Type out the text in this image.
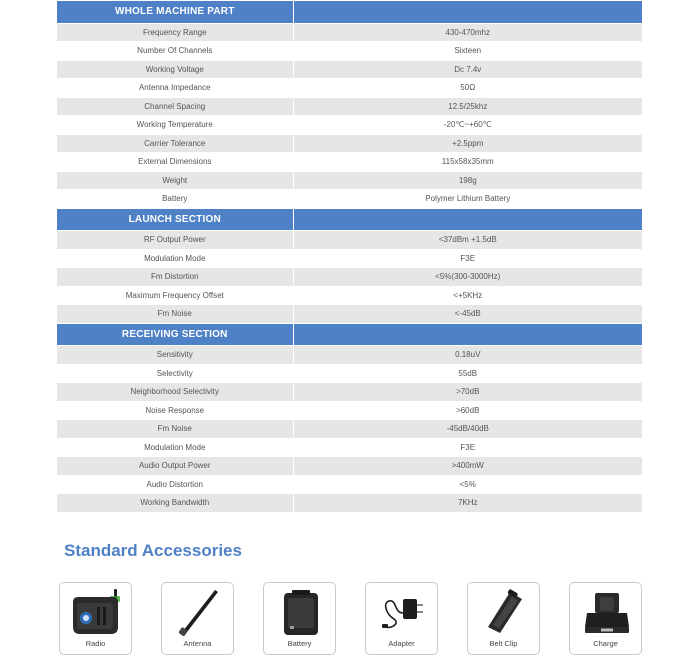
WHOLE MACHINE PART	
Frequency Range	430-470mhz
Number Of Channels	Sixteen
Working Voltage	Dc 7.4v
Antenna Impedance	50Ω
Channel Spacing	12.5/25khz
Working Temperature	-20℃~+60℃
Carrier Tolerance	+2.5ppm
External Dimensions	115x58x35mm
Weight	198g
Battery	Polymer Lithium Battery
LAUNCH SECTION	
RF Output Power	<37dBm +1.5dB
Modulation Mode	F3E
Fm Distortion	<5%(300-3000Hz)
Maximum Frequency Offset	<+5KHz
Fm Noise	<-45dB
RECEIVING SECTION	
Sensitivity	0.18uV
Selectivity	55dB
Neighborhood Selectivity	>70dB
Noise Response	>60dB
Fm Noise	-45dB/40dB
Modulation Mode	F3E
Audio Output Power	>400mW
Audio Distortion	<5%
Working Bandwidth	7KHz
Standard Accessories
Radio	Antenna	Battery	Adapter	Belt Clip	Charge
